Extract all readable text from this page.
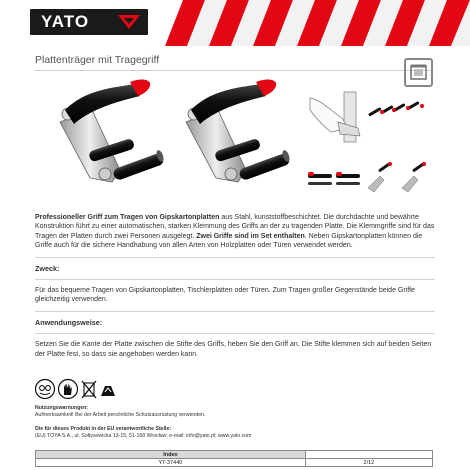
YATO
Plattenträger mit Tragegriff

Professioneller Griff zum Tragen von Gipskartonplatten aus Stahl, kunststoffbeschichtet. Die durchdachte und bewährte Konstruktion führt zu einer automatischen, starken Klemmung des Griffs an der zu tragenden Platte. Die Klemmgriffe sind für das Tragen der Platten durch zwei Personen ausgelegt. Zwei Griffe sind im Set enthalten. Neben Gipskartonplatten können die Griffe auch für die sichere Handhabung von allen Arten von Holzplatten oder Türen verwendet werden.

Zweck:

Für das bequeme Tragen von Gipskartonplatten, Tischlerplatten oder Türen. Zum Tragen großer Gegenstände beide Griffe gleichzeitig verwenden.

Anwendungsweise:

Setzen Sie die Kante der Platte zwischen die Stifte des Griffs, heben Sie den Griff an. Die Stifte klemmen sich auf beiden Seiten der Platte fest, so dass sie angehoben werden kann.

Nutzungswarnungen:
Aufmerksamkeit! Bei der Arbeit persönliche Schutzausrüstung verwenden.
Die für dieses Produkt in der EU verantwortliche Stelle:
(EU) TOYA S.A., ul. Sołtysowicka 13-15, 51-168 Wrocław; e-mail: info@yato.pl; www.yato.com
Index	
YT-37440	2/12
